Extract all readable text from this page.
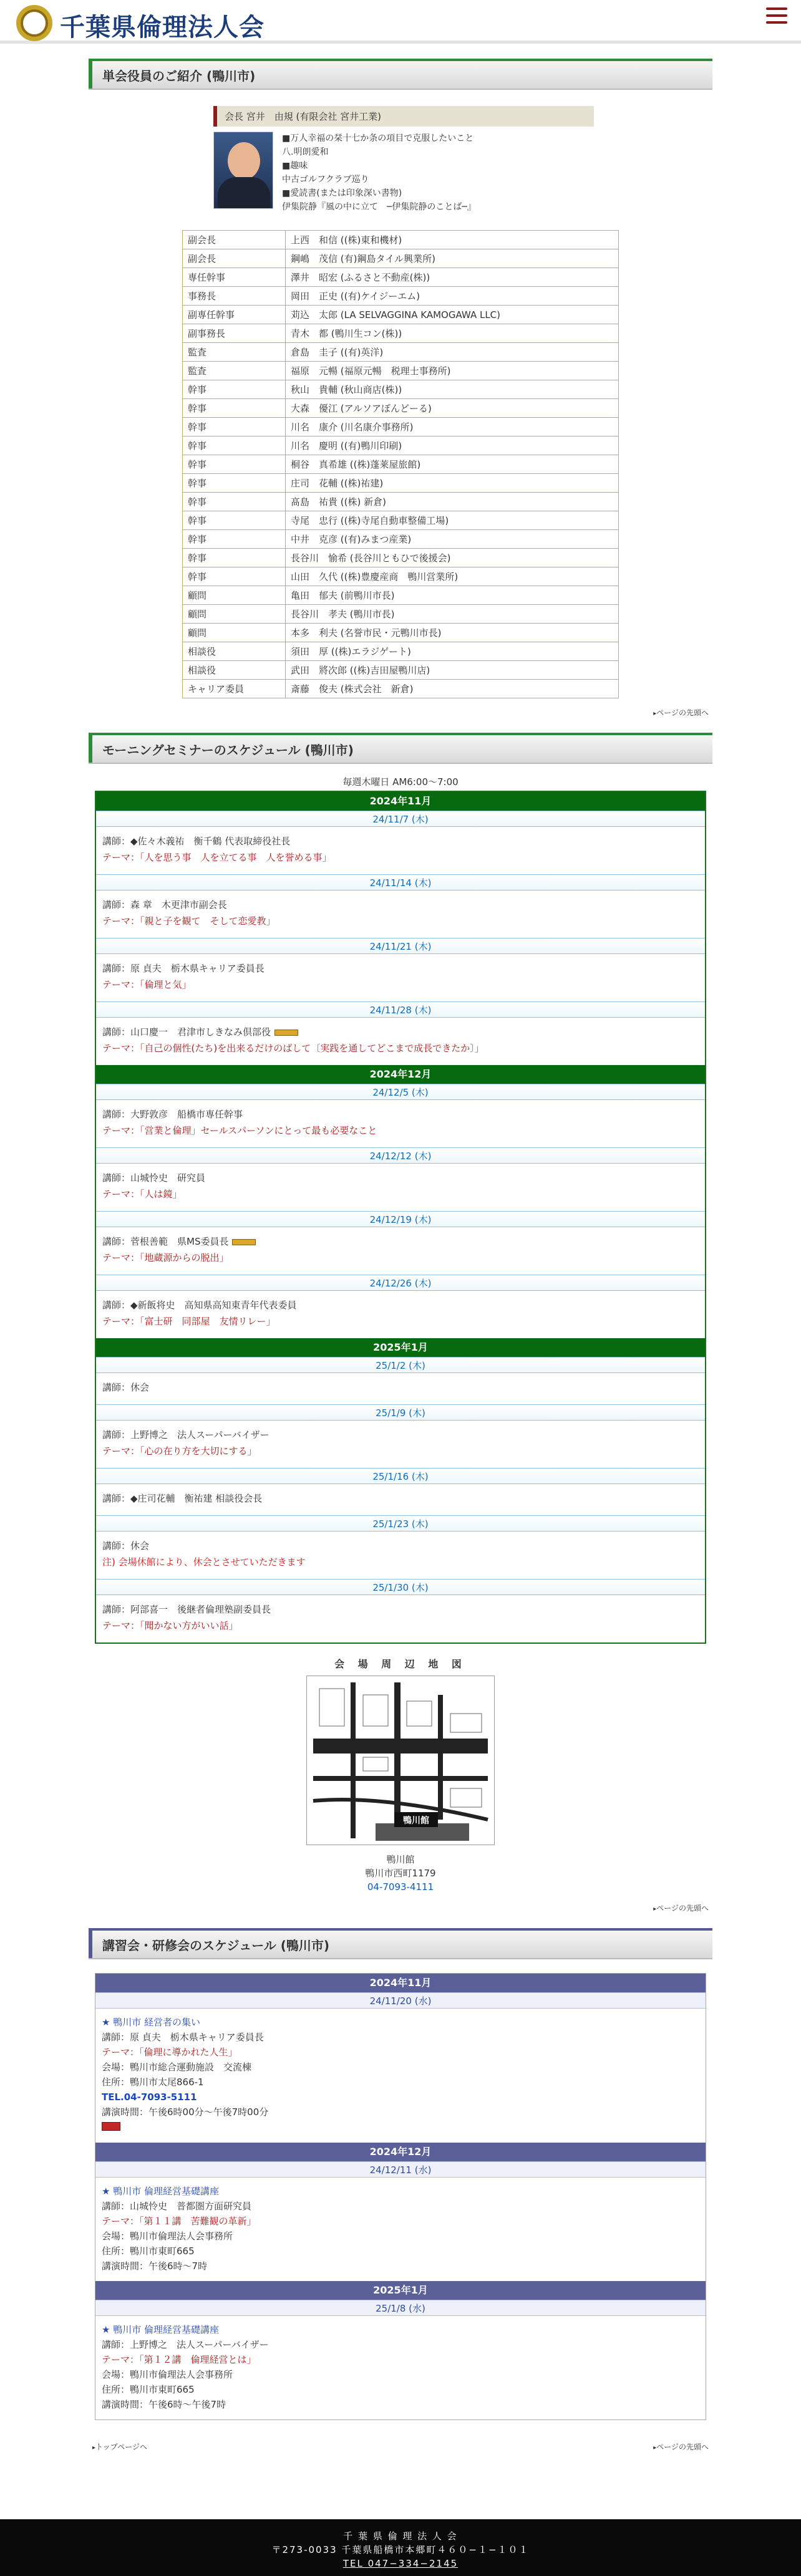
千葉県倫理法人会
単会役員のご紹介 (鴨川市)
会長 宮井　由規 (有限会社 宮井工業)
■万人幸福の栞十七か条の項目で克服したいこと
八.明朗愛和
■趣味
中古ゴルフクラブ巡り
■愛読書(または印象深い書物)
伊集院静『風の中に立て　─伊集院静のことば─』
副会長	上西　和信 ((株)東和機材)
副会長	鋼嶋　茂信 (有)鋼島タイル興業所)
専任幹事	澤井　昭宏 (ふるさと不動産(株))
事務長	岡田　正史 ((有)ケイジーエム)
副専任幹事	苅込　太郎 (LA SELVAGGINA KAMOGAWA LLC)
副事務長	青木　都 (鴨川生コン(株))
監査	倉島　圭子 ((有)英洋)
監査	福原　元暢 (福原元暢　税理士事務所)
幹事	秋山　貴輔 (秋山商店(株))
幹事	大森　優江 (アルソアぼんどーる)
幹事	川名　康介 (川名康介事務所)
幹事	川名　慶明 ((有)鴨川印刷)
幹事	桐谷　真希雄 ((株)蓬莱屋旅館)
幹事	庄司　花輔 ((株)祐建)
幹事	髙島　祐貴 ((株) 新倉)
幹事	寺尾　忠行 ((株)寺尾自動車整備工場)
幹事	中井　克彦 ((有)みまつ産業)
幹事	長谷川　愉希 (長谷川ともひで後援会)
幹事	山田　久代 ((株)豊慶産商　鴨川営業所)
顧問	亀田　郁夫 (前鴨川市長)
顧問	長谷川　孝夫 (鴨川市長)
顧問	本多　利夫 (名誉市民・元鴨川市長)
相談役	須田　厚 ((株)エラジゲート)
相談役	武田　將次郎 ((株)吉田屋鴨川店)
キャリア委員	斎藤　俊夫 (株式会社　新倉)
▸ ページの先頭へ
モーニングセミナーのスケジュール (鴨川市)
毎週木曜日 AM6:00〜7:00
2024年11月
24/11/7 (木)
講師：◆佐々木義祐　衡千鶴 代表取締役社長
テーマ：「人を思う事　人を立てる事　人を誉める事」
24/11/14 (木)
講師：森 章　木更津市副会長
テーマ：「親と子を観て　そして恋愛教」
24/11/21 (木)
講師：原 貞夫　栃木県キャリア委員長
テーマ：「倫理と気」
24/11/28 (木)
講師：山口慶一　君津市しきなみ倶部役
テーマ：「自己の個性(たち)を出来るだけのばして〔実践を通してどこまで成長できたか〕」
2024年12月
24/12/5 (木)
講師：大野敦彦　船橋市専任幹事
テーマ：「営業と倫理」セールスパーソンにとって最も必要なこと
24/12/12 (木)
講師：山城怜史　研究員
テーマ：「人は鏡」
24/12/19 (木)
講師：菅根善範　県MS委員長
テーマ：「地蔵源からの脱出」
24/12/26 (木)
講師：◆新飯将史　高知県高知東青年代表委員
テーマ：「富士研　同部屋　友情リレー」
2025年1月
25/1/2 (木)
講師：休会
25/1/9 (木)
講師：上野博之　法人スーパーバイザー
テーマ：「心の在り方を大切にする」
25/1/16 (木)
講師：◆庄司花輔　衡祐建 相談役会長
25/1/23 (木)
講師：休会
注) 会場休館により、休会とさせていただきます
25/1/30 (木)
講師：阿部喜一　後継者倫理塾副委員長
テーマ：「聞かない方がいい話」
会 場 周 辺 地 図
鴨川館
鴨川館
鴨川市西町1179
04-7093-4111
▸ ページの先頭へ
講習会・研修会のスケジュール (鴨川市)
2024年11月
24/11/20 (水)
★ 鴨川市 経営者の集い
講師：原 貞夫　栃木県キャリア委員長
テーマ：「倫理に導かれた人生」
会場：鴨川市総合運動施設　交流棟
住所：鴨川市太尾866-1
TEL.04-7093-5111
講演時間：午後6時00分〜午後7時00分
2024年12月
24/12/11 (水)
★ 鴨川市 倫理経営基礎講座
講師：山城怜史　普都圏方面研究員
テーマ：「第１１講　苦難観の革新」
会場：鴨川市倫理法人会事務所
住所：鴨川市東町665
講演時間：午後6時〜7時
2025年1月
25/1/8 (水)
★ 鴨川市 倫理経営基礎講座
講師：上野博之　法人スーパーバイザー
テーマ：「第１２講　倫理経営とは」
会場：鴨川市倫理法人会事務所
住所：鴨川市東町665
講演時間：午後6時〜午後7時
▸ トップページへ	▸ ページの先頭へ
千 葉 県 倫 理 法 人 会
〒273-0033 千葉県船橋市本郷町４６０−１−１０１
TEL 047−334−2145
